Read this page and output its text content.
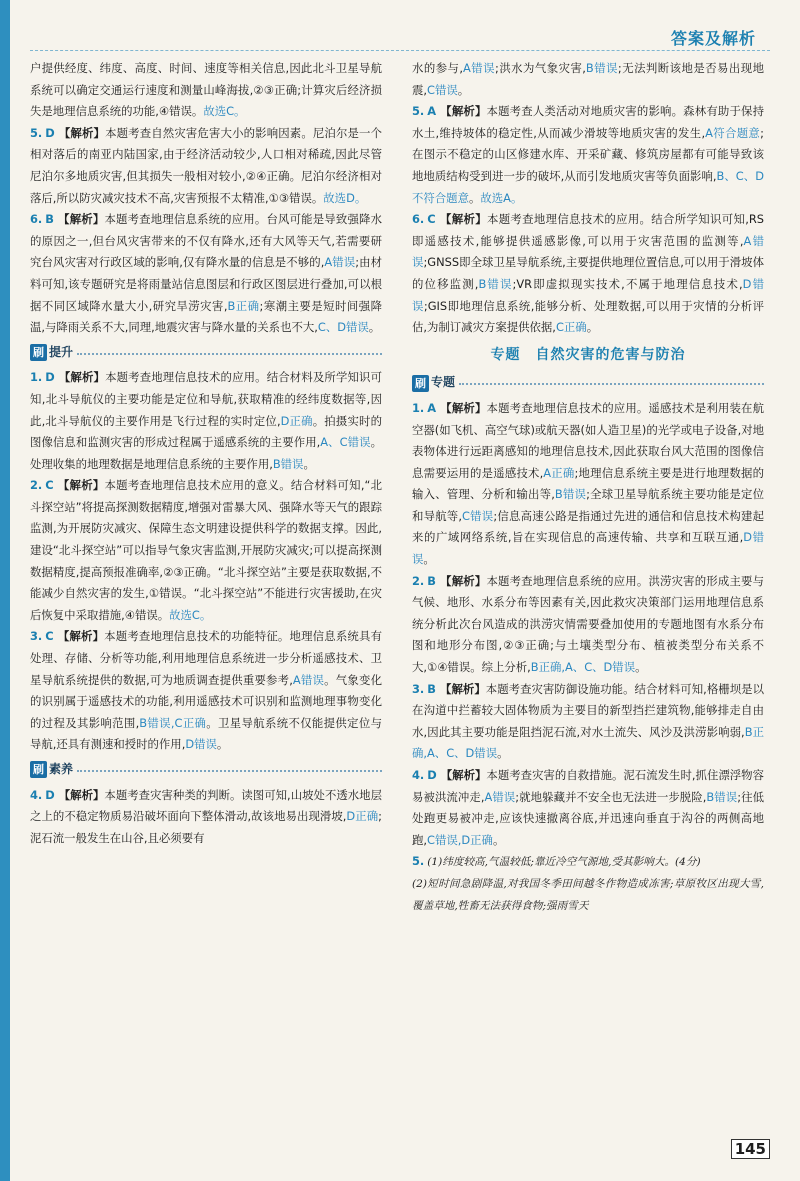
答案及解析

户提供经度、纬度、高度、时间、速度等相关信息,因此北斗卫星导航系统可以确定交通运行速度和测量山峰海拔,②③正确;计算灾后经济损失是地理信息系统的功能,④错误。故选C。

5. D 【解析】本题考查自然灾害危害大小的影响因素。尼泊尔是一个相对落后的南亚内陆国家,由于经济活动较少,人口相对稀疏,因此尽管尼泊尔多地质灾害,但其损失一般相对较小,②④正确。尼泊尔经济相对落后,所以防灾减灾技术不高,灾害预报不太精准,①③错误。故选D。

6. B 【解析】本题考查地理信息系统的应用。台风可能是导致强降水的原因之一,但台风灾害带来的不仅有降水,还有大风等天气,若需要研究台风灾害对行政区域的影响,仅有降水量的信息是不够的,A错误;由材料可知,该专题研究是将雨量站信息图层和行政区图层进行叠加,可以根据不同区域降水量大小,研究旱涝灾害,B正确;寒潮主要是短时间强降温,与降雨关系不大,同理,地震灾害与降水量的关系也不大,C、D错误。

刷 提升

1. D 【解析】本题考查地理信息技术的应用。结合材料及所学知识可知,北斗导航仪的主要功能是定位和导航,获取精准的经纬度数据等,因此,北斗导航仪的主要作用是飞行过程的实时定位,D正确。拍摄实时的图像信息和监测灾害的形成过程属于遥感系统的主要作用,A、C错误。处理收集的地理数据是地理信息系统的主要作用,B错误。

2. C 【解析】本题考查地理信息技术应用的意义。结合材料可知,“北斗探空站”将提高探测数据精度,增强对雷暴大风、强降水等天气的跟踪监测,为开展防灾减灾、保障生态文明建设提供科学的数据支撑。因此,建设“北斗探空站”可以指导气象灾害监测,开展防灾减灾;可以提高探测数据精度,提高预报准确率,②③正确。“北斗探空站”主要是获取数据,不能减少自然灾害的发生,①错误。“北斗探空站”不能进行灾害援助,在灾后恢复中采取措施,④错误。故选C。

3. C 【解析】本题考查地理信息技术的功能特征。地理信息系统具有处理、存储、分析等功能,利用地理信息系统进一步分析遥感技术、卫星导航系统提供的数据,可为地质调查提供重要参考,A错误。气象变化的识别属于遥感技术的功能,利用遥感技术可识别和监测地理事物变化的过程及其影响范围,B错误,C正确。卫星导航系统不仅能提供定位与导航,还具有测速和授时的作用,D错误。

刷 素养

4. D 【解析】本题考查灾害种类的判断。读图可知,山坡处不透水地层之上的不稳定物质易沿破坏面向下整体滑动,故该地易出现滑坡,D正确;泥石流一般发生在山谷,且必须要有

水的参与,A错误;洪水为气象灾害,B错误;无法判断该地是否易出现地震,C错误。

5. A 【解析】本题考查人类活动对地质灾害的影响。森林有助于保持水土,维持坡体的稳定性,从而减少滑坡等地质灾害的发生,A符合题意;在图示不稳定的山区修建水库、开采矿藏、修筑房屋都有可能导致该地地质结构受到进一步的破坏,从而引发地质灾害等负面影响,B、C、D不符合题意。故选A。

6. C 【解析】本题考查地理信息技术的应用。结合所学知识可知,RS即遥感技术,能够提供遥感影像,可以用于灾害范围的监测等,A错误;GNSS即全球卫星导航系统,主要提供地理位置信息,可以用于滑坡体的位移监测,B错误;VR即虚拟现实技术,不属于地理信息技术,D错误;GIS即地理信息系统,能够分析、处理数据,可以用于灾情的分析评估,为制订减灾方案提供依据,C正确。

专题　自然灾害的危害与防治
刷 专题

1. A 【解析】本题考查地理信息技术的应用。遥感技术是利用装在航空器(如飞机、高空气球)或航天器(如人造卫星)的光学或电子设备,对地表物体进行远距离感知的地理信息技术,因此获取台风大范围的图像信息需要运用的是遥感技术,A正确;地理信息系统主要是进行地理数据的输入、管理、分析和输出等,B错误;全球卫星导航系统主要功能是定位和导航等,C错误;信息高速公路是指通过先进的通信和信息技术构建起来的广域网络系统,旨在实现信息的高速传输、共享和互联互通,D错误。

2. B 【解析】本题考查地理信息系统的应用。洪涝灾害的形成主要与气候、地形、水系分布等因素有关,因此救灾决策部门运用地理信息系统分析此次台风造成的洪涝灾情需要叠加使用的专题地图有水系分布图和地形分布图,②③正确;与土壤类型分布、植被类型分布关系不大,①④错误。综上分析,B正确,A、C、D错误。

3. B 【解析】本题考查灾害防御设施功能。结合材料可知,格栅坝是以在沟道中拦蓄较大固体物质为主要目的新型挡拦建筑物,能够排走自由水,因此其主要功能是阻挡泥石流,对水土流失、风沙及洪涝影响弱,B正确,A、C、D错误。

4. D 【解析】本题考查灾害的自救措施。泥石流发生时,抓住漂浮物容易被洪流冲走,A错误;就地躲藏并不安全也无法进一步脱险,B错误;往低处跑更易被冲走,应该快速撤离谷底,并迅速向垂直于沟谷的两侧高地跑,C错误,D正确。

5. (1)纬度较高,气温较低;靠近冷空气源地,受其影响大。(4分)
(2)短时间急剧降温,对我国冬季田间越冬作物造成冻害;草原牧区出现大雪,覆盖草地,牲畜无法获得食物;强雨雪天

145
